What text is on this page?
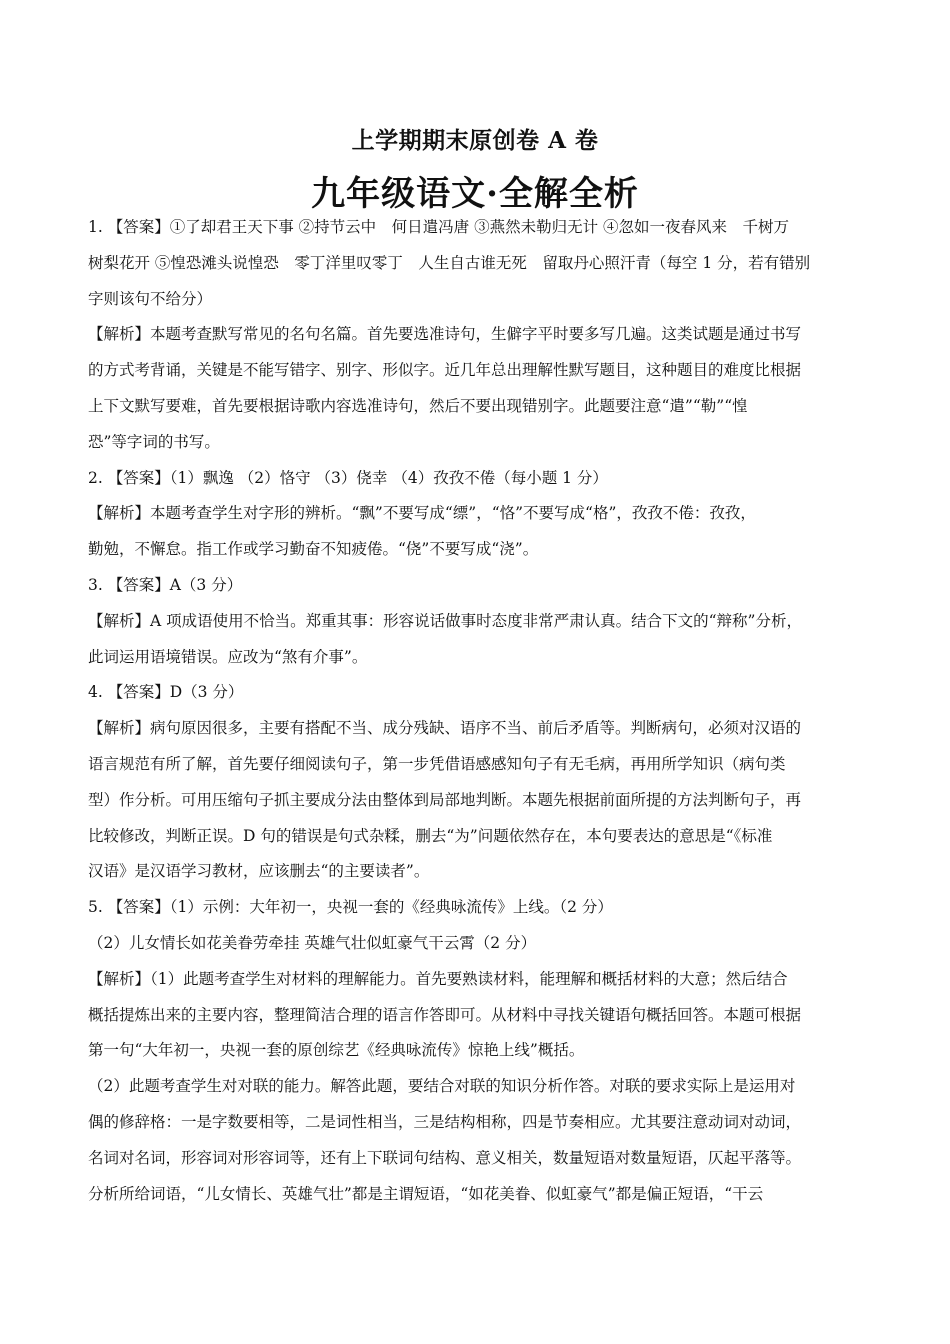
上学期期末原创卷 A 卷
九年级语文·全解全析
1. 【答案】①了却君王天下事 ②持节云中　何日遣冯唐 ③燕然未勒归无计 ④忽如一夜春风来　千树万
树梨花开 ⑤惶恐滩头说惶恐　零丁洋里叹零丁　人生自古谁无死　留取丹心照汗青（每空 1 分，若有错别
字则该句不给分）
【解析】本题考查默写常见的名句名篇。首先要选准诗句，生僻字平时要多写几遍。这类试题是通过书写
的方式考背诵，关键是不能写错字、别字、形似字。近几年总出理解性默写题目，这种题目的难度比根据
上下文默写要难，首先要根据诗歌内容选准诗句，然后不要出现错别字。此题要注意“遣”“勒”“惶
恐”等字词的书写。
2. 【答案】（1）飘逸 （2）恪守 （3）侥幸 （4）孜孜不倦（每小题 1 分）
【解析】本题考查学生对字形的辨析。“飘”不要写成“缥”，“恪”不要写成“格”，孜孜不倦：孜孜，
勤勉，不懈怠。指工作或学习勤奋不知疲倦。“侥”不要写成“浇”。
3. 【答案】A（3 分）
【解析】A 项成语使用不恰当。郑重其事：形容说话做事时态度非常严肃认真。结合下文的“辩称”分析，
此词运用语境错误。应改为“煞有介事”。
4. 【答案】D（3 分）
【解析】病句原因很多，主要有搭配不当、成分残缺、语序不当、前后矛盾等。判断病句，必须对汉语的
语言规范有所了解，首先要仔细阅读句子，第一步凭借语感感知句子有无毛病，再用所学知识（病句类
型）作分析。可用压缩句子抓主要成分法由整体到局部地判断。本题先根据前面所提的方法判断句子，再
比较修改，判断正误。D 句的错误是句式杂糅，删去“为”问题依然存在，本句要表达的意思是“《标准
汉语》是汉语学习教材，应该删去“的主要读者”。
5. 【答案】（1）示例：大年初一，央视一套的《经典咏流传》上线。（2 分）
（2）儿女情长如花美眷劳牵挂 英雄气壮似虹豪气干云霄（2 分）
【解析】（1）此题考查学生对材料的理解能力。首先要熟读材料，能理解和概括材料的大意；然后结合
概括提炼出来的主要内容，整理简洁合理的语言作答即可。从材料中寻找关键语句概括回答。本题可根据
第一句“大年初一，央视一套的原创综艺《经典咏流传》惊艳上线”概括。
（2）此题考查学生对对联的能力。解答此题，要结合对联的知识分析作答。对联的要求实际上是运用对
偶的修辞格：一是字数要相等，二是词性相当，三是结构相称，四是节奏相应。尤其要注意动词对动词，
名词对名词，形容词对形容词等，还有上下联词句结构、意义相关，数量短语对数量短语，仄起平落等。
分析所给词语，“儿女情长、英雄气壮”都是主谓短语，“如花美眷、似虹豪气”都是偏正短语，“干云
